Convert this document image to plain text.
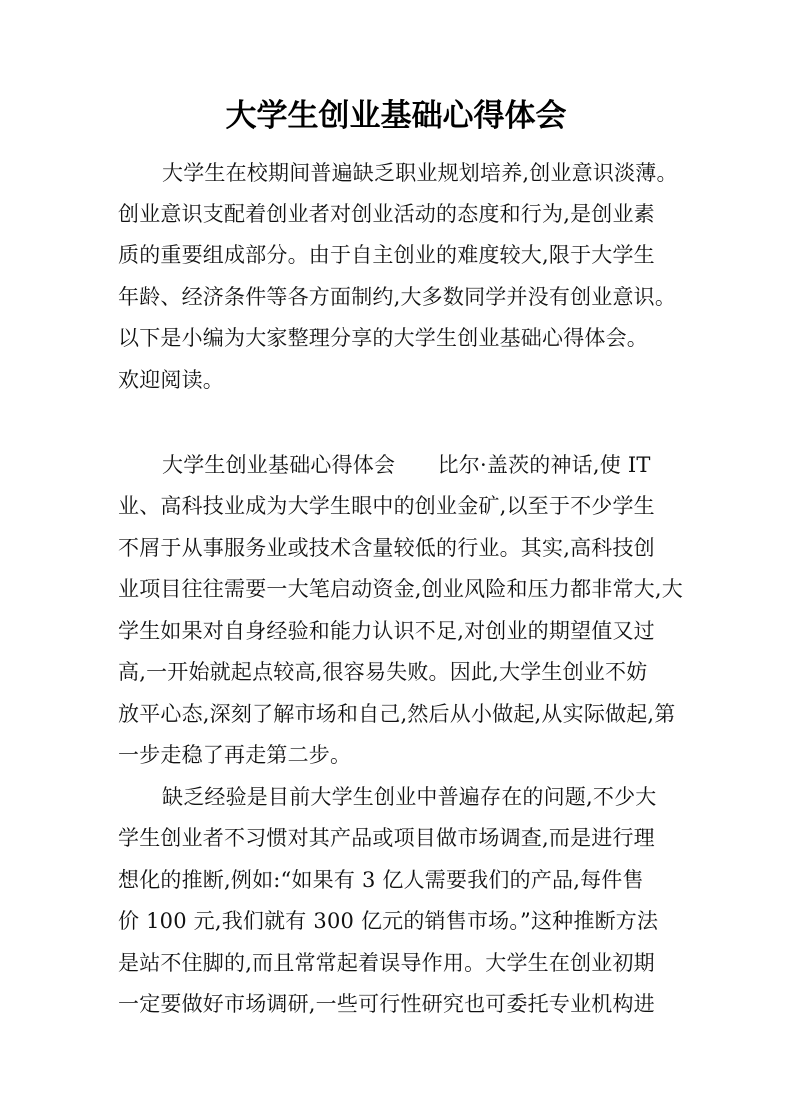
大学生创业基础心得体会
大学生在校期间普遍缺乏职业规划培养,创业意识淡薄。
创业意识支配着创业者对创业活动的态度和行为,是创业素
质的重要组成部分。由于自主创业的难度较大,限于大学生
年龄、经济条件等各方面制约,大多数同学并没有创业意识。
以下是小编为大家整理分享的大学生创业基础心得体会。
欢迎阅读。
大学生创业基础心得体会　　比尔·盖茨的神话,使 IT
业、高科技业成为大学生眼中的创业金矿,以至于不少学生
不屑于从事服务业或技术含量较低的行业。其实,高科技创
业项目往往需要一大笔启动资金,创业风险和压力都非常大,大
学生如果对自身经验和能力认识不足,对创业的期望值又过
高,一开始就起点较高,很容易失败。因此,大学生创业不妨
放平心态,深刻了解市场和自己,然后从小做起,从实际做起,第
一步走稳了再走第二步。
缺乏经验是目前大学生创业中普遍存在的问题,不少大
学生创业者不习惯对其产品或项目做市场调查,而是进行理
想化的推断,例如:“如果有 3 亿人需要我们的产品,每件售
价 100 元,我们就有 300 亿元的销售市场。”这种推断方法
是站不住脚的,而且常常起着误导作用。大学生在创业初期
一定要做好市场调研,一些可行性研究也可委托专业机构进
